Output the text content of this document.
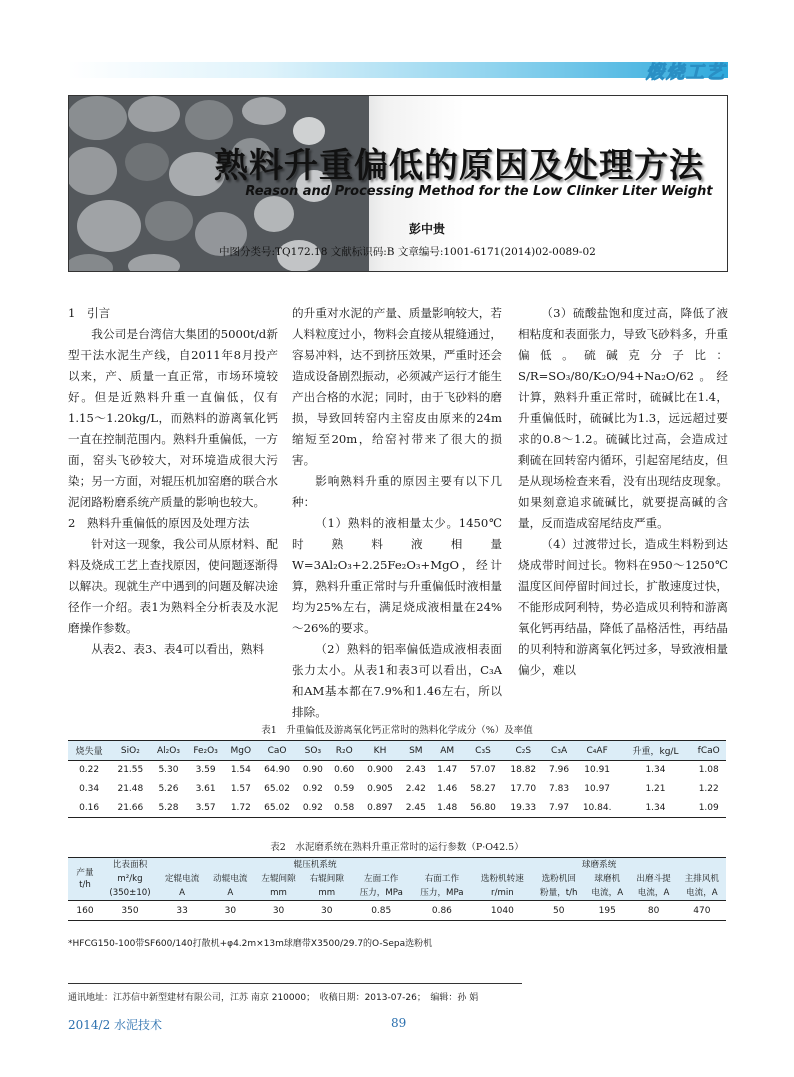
煅烧工艺
熟料升重偏低的原因及处理方法
Reason and Processing Method for the Low Clinker Liter Weight
彭中贵
中图分类号:TQ172.18 文献标识码:B 文章编号:1001-6171(2014)02-0089-02

1　引言

我公司是台湾信大集团的5000t/d新型干法水泥生产线，自2011年8月投产以来，产、质量一直正常，市场环境较好。但是近熟料升重一直偏低，仅有1.15～1.20kg/L，而熟料的游离氧化钙一直在控制范围内。熟料升重偏低，一方面，窑头飞砂较大，对环境造成很大污染；另一方面，对辊压机加窑磨的联合水泥闭路粉磨系统产质量的影响也较大。

2　熟料升重偏低的原因及处理方法

针对这一现象，我公司从原材料、配料及烧成工艺上查找原因，使问题逐渐得以解决。现就生产中遇到的问题及解决途径作一介绍。表1为熟料全分析表及水泥磨操作参数。

从表2、表3、表4可以看出，熟料

的升重对水泥的产量、质量影响较大，若人料粒度过小，物料会直接从辊缝通过，容易冲料，达不到挤压效果，严重时还会造成设备剧烈振动，必须减产运行才能生产出合格的水泥；同时，由于飞砂料的磨损，导致回转窑内主窑皮由原来的24m缩短至20m，给窑衬带来了很大的损害。

影响熟料升重的原因主要有以下几种：

（1）熟料的液相量太少。1450℃时熟料液相量W=3Al₂O₃+2.25Fe₂O₃+MgO，经计算，熟料升重正常时与升重偏低时液相量均为25%左右，满足烧成液相量在24%～26%的要求。

（2）熟料的铝率偏低造成液相表面张力太小。从表1和表3可以看出，C₃A和AM基本都在7.9%和1.46左右，所以排除。

（3）硫酸盐饱和度过高，降低了液相粘度和表面张力，导致飞砂料多，升重偏低。硫碱克分子比：S/R=SO₃/80/K₂O/94+Na₂O/62。经计算，熟料升重正常时，硫碱比在1.4，升重偏低时，硫碱比为1.3，远远超过要求的0.8～1.2。硫碱比过高，会造成过剩硫在回转窑内循环，引起窑尾结皮，但是从现场检查来看，没有出现结皮现象。如果刻意追求硫碱比，就要提高碱的含量，反而造成窑尾结皮严重。

（4）过渡带过长，造成生料粉到达烧成带时间过长。物料在950～1250℃温度区间停留时间过长，扩散速度过快，不能形成阿利特，势必造成贝利特和游离氧化钙再结晶，降低了晶格活性，再结晶的贝利特和游离氧化钙过多，导致液相量偏少，难以

表1　升重偏低及游离氧化钙正常时的熟料化学成分（%）及率值
烧失量	SiO₂	Al₂O₃	Fe₂O₃	MgO	CaO	SO₃	R₂O	KH	SM	AM	C₃S	C₂S	C₃A	C₄AF	升重，kg/L	fCaO
0.22	21.55	5.30	3.59	1.54	64.90	0.90	0.60	0.900	2.43	1.47	57.07	18.82	7.96	10.91	1.34	1.08
0.34	21.48	5.26	3.61	1.57	65.02	0.92	0.59	0.905	2.42	1.46	58.27	17.70	7.83	10.97	1.21	1.22
0.16	21.66	5.28	3.57	1.72	65.02	0.92	0.58	0.897	2.45	1.48	56.80	19.33	7.97	10.84.	1.34	1.09
表2　水泥磨系统在熟料升重正常时的运行参数（P·O42.5）
产量
t/h	比表面积	辊压机系统						球磨系统				
	m²/kg	定辊电流	动辊电流	左辊间隙	右辊间隙	左面工作	右面工作	选粉机转速	选粉机回	球磨机	出磨斗提	主排风机
	(350±10)	A	A	mm	mm	压力，MPa	压力，MPa	r/min	粉量，t/h	电流，A	电流，A	电流，A
160	350	33	30	30	30	0.85	0.86	1040	50	195	80	470
*HFCG150-100带SF600/140打散机+φ4.2m×13m球磨带X3500/29.7的O-Sepa选粉机
通讯地址：江苏信中新型建材有限公司，江苏 南京 210000；　收稿日期：2013-07-26；　编辑：孙 娟
2014/2 水泥技术	89
